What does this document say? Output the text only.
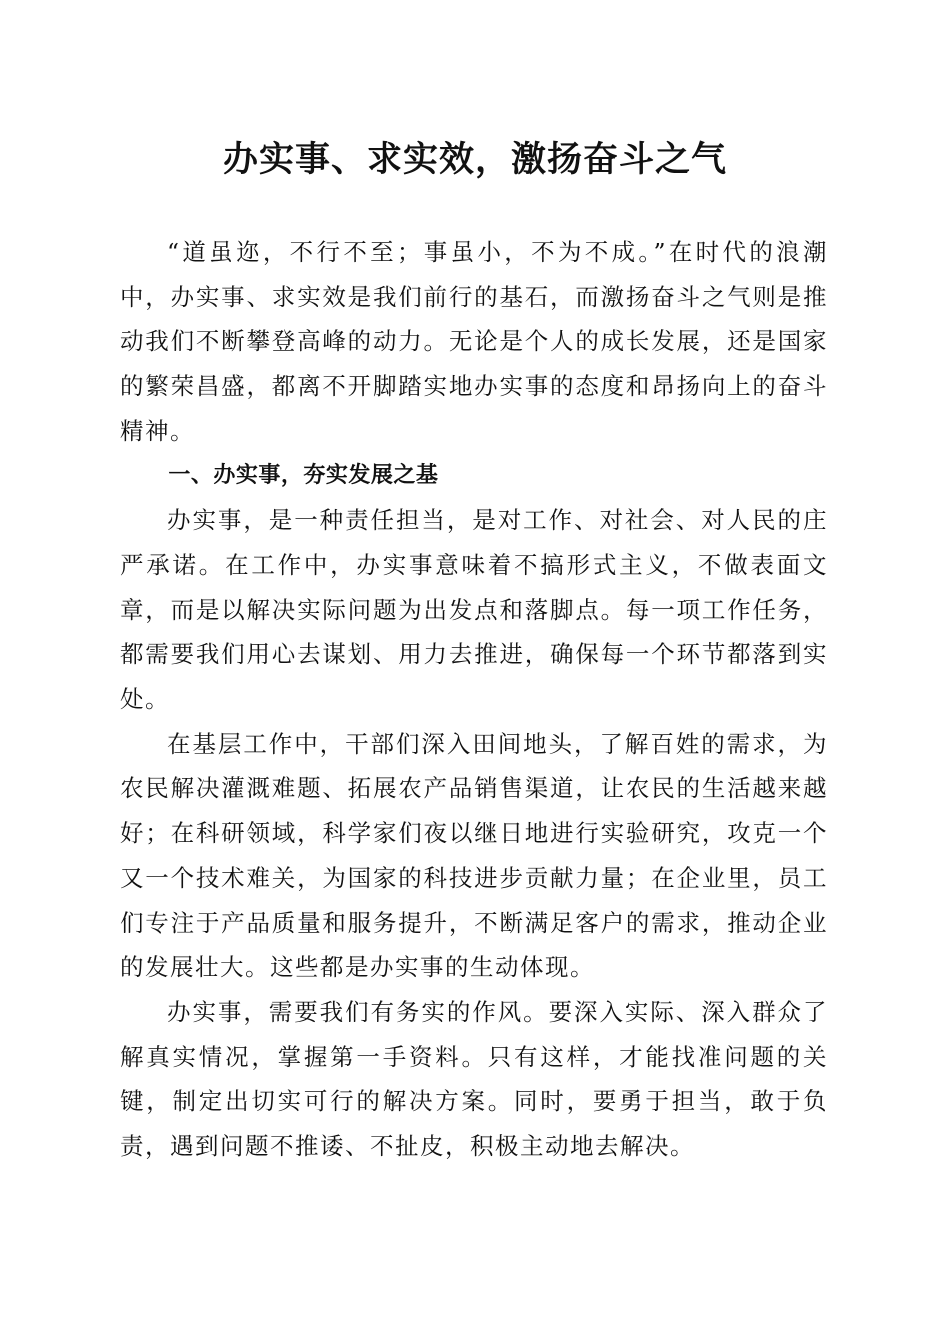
办实事、求实效，激扬奋斗之气

“道虽迩，不行不至；事虽小，不为不成。”在时代的浪潮中，办实事、求实效是我们前行的基石，而激扬奋斗之气则是推动我们不断攀登高峰的动力。无论是个人的成长发展，还是国家的繁荣昌盛，都离不开脚踏实地办实事的态度和昂扬向上的奋斗精神。

一、办实事，夯实发展之基

办实事，是一种责任担当，是对工作、对社会、对人民的庄严承诺。在工作中，办实事意味着不搞形式主义，不做表面文章，而是以解决实际问题为出发点和落脚点。每一项工作任务，都需要我们用心去谋划、用力去推进，确保每一个环节都落到实处。

在基层工作中，干部们深入田间地头，了解百姓的需求，为农民解决灌溉难题、拓展农产品销售渠道，让农民的生活越来越好；在科研领域，科学家们夜以继日地进行实验研究，攻克一个又一个技术难关，为国家的科技进步贡献力量；在企业里，员工们专注于产品质量和服务提升，不断满足客户的需求，推动企业的发展壮大。这些都是办实事的生动体现。

办实事，需要我们有务实的作风。要深入实际、深入群众了解真实情况，掌握第一手资料。只有这样，才能找准问题的关键，制定出切实可行的解决方案。同时，要勇于担当，敢于负责，遇到问题不推诿、不扯皮，积极主动地去解决。
